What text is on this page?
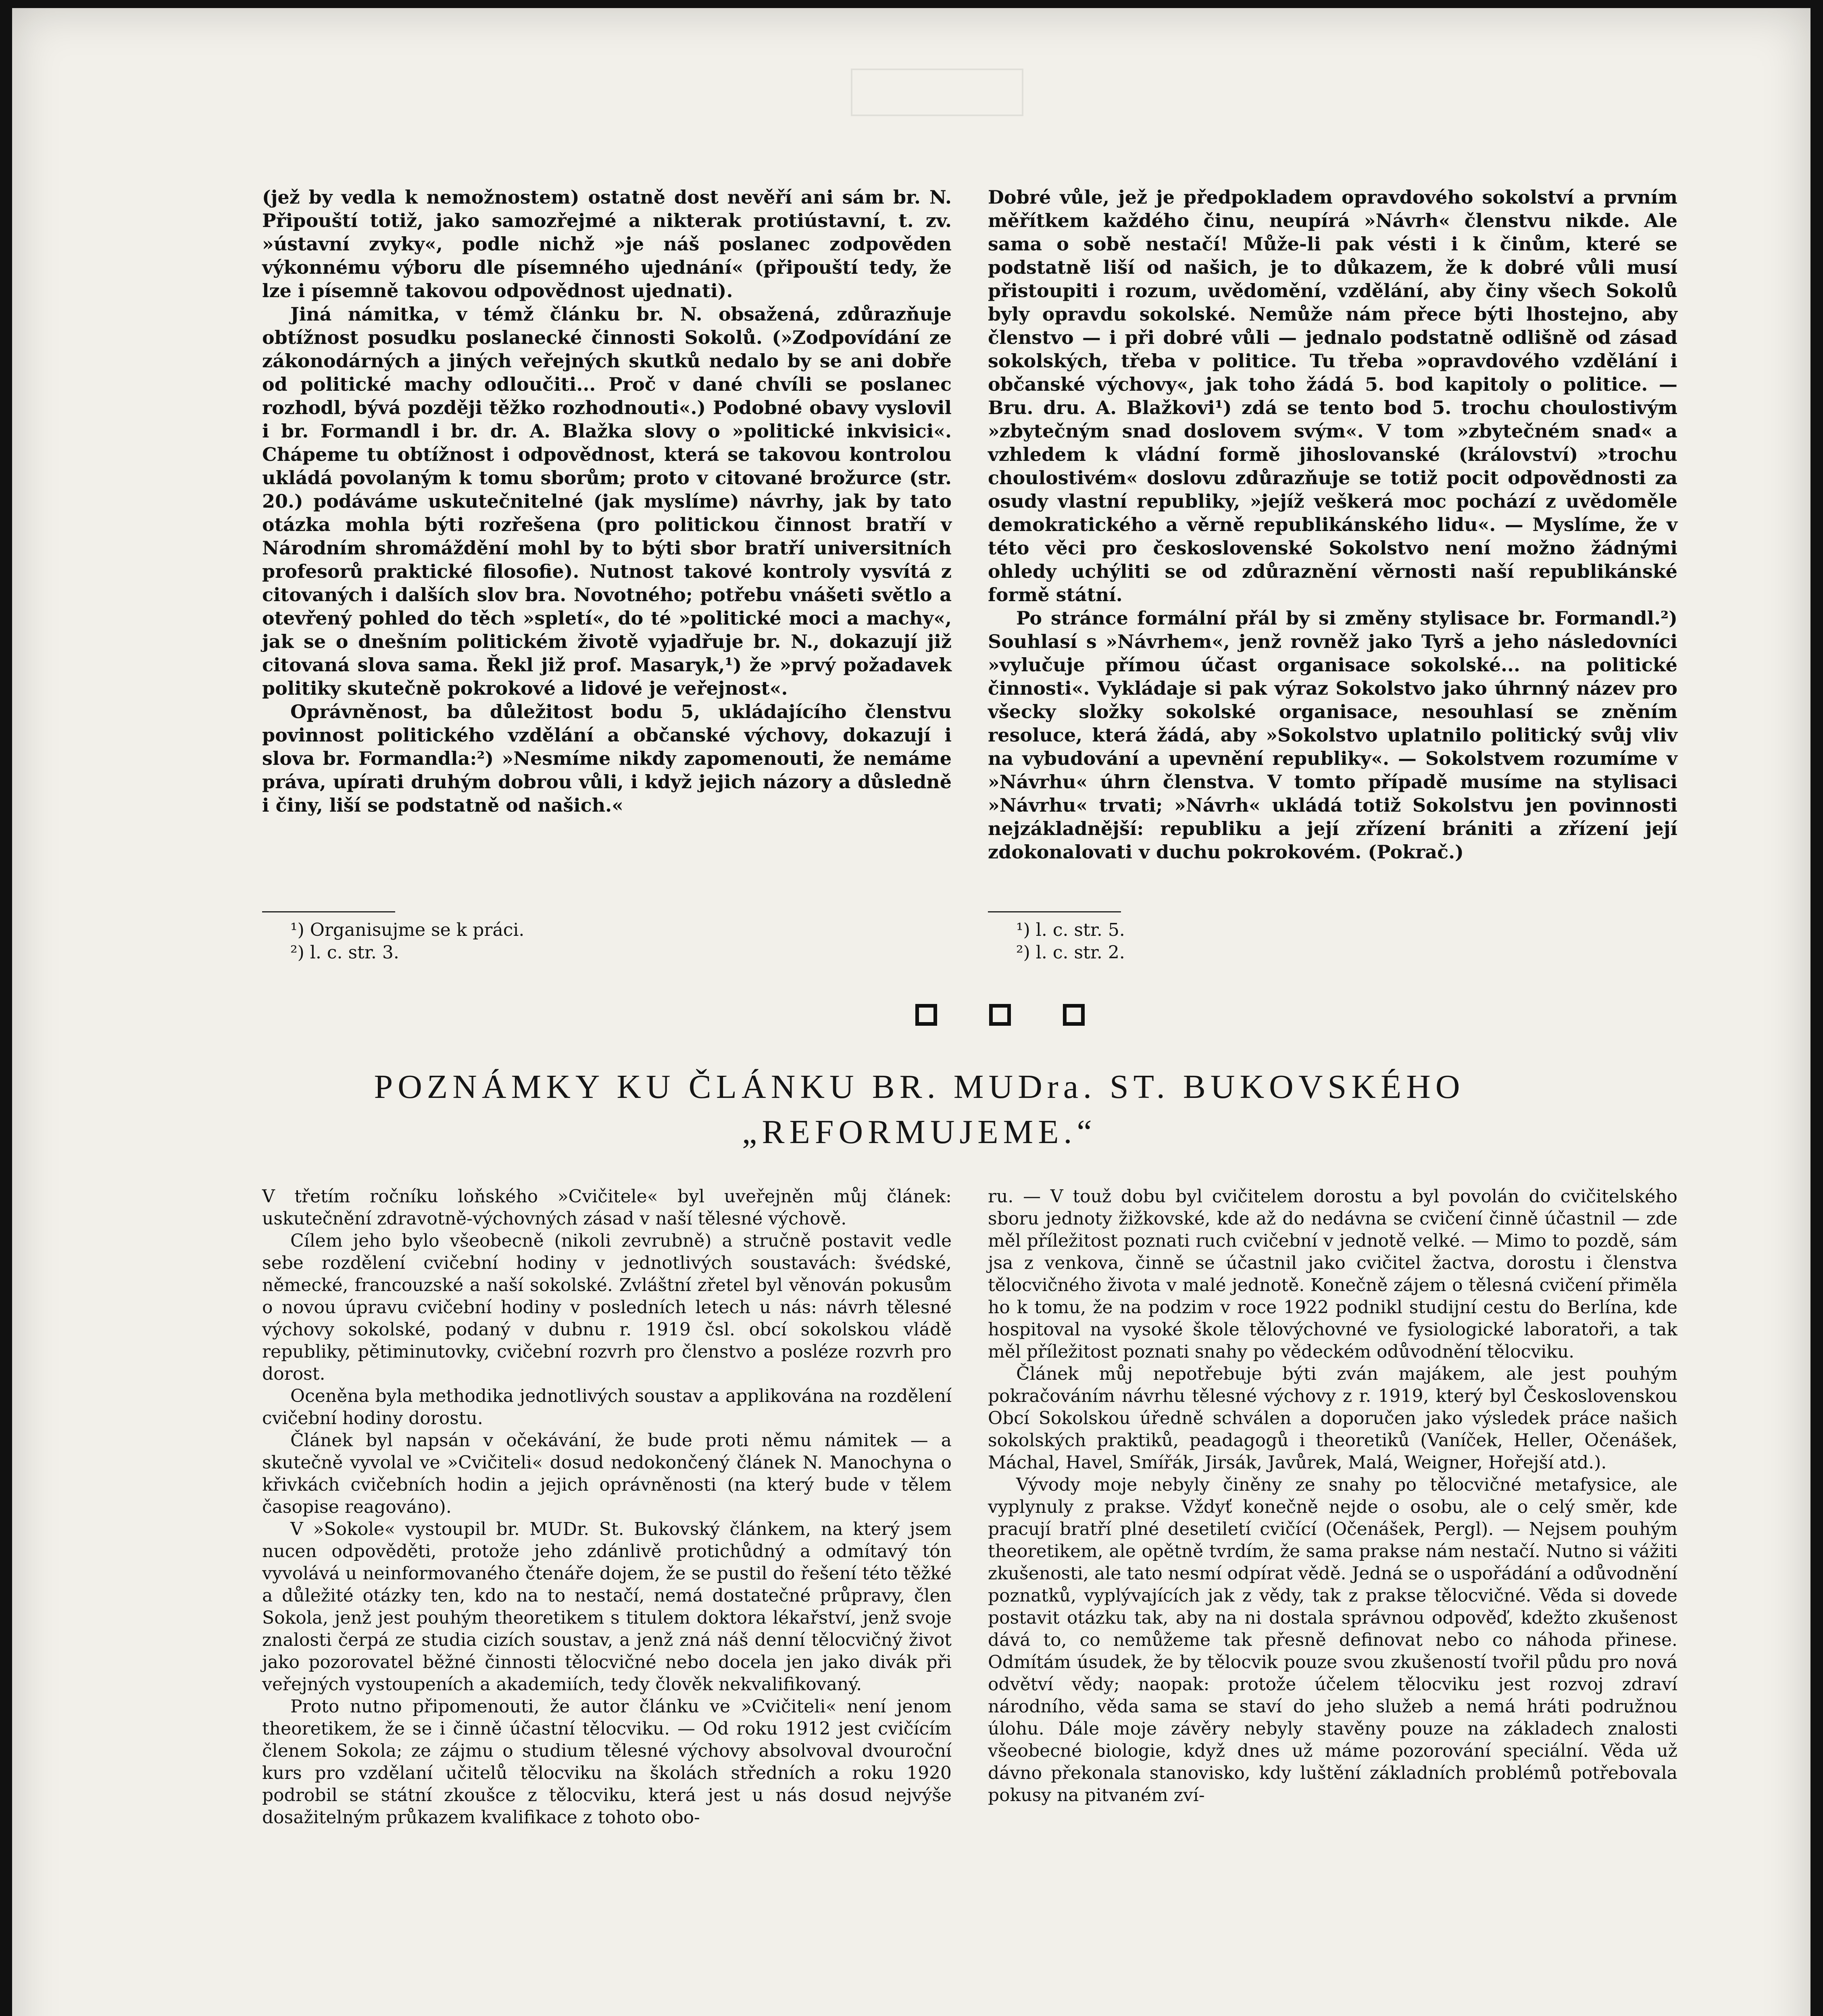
(jež by vedla k nemožnostem) ostatně dost nevěří ani sám br. N. Připouští totiž, jako samozřejmé a nikterak protiústavní, t. zv. »ústavní zvyky«, podle nichž »je náš poslanec zodpověden výkonnému výboru dle písemného ujednání« (připouští tedy, že lze i písemně takovou odpovědnost ujednati).

Jiná námitka, v témž článku br. N. obsažená, zdůrazňuje obtížnost posudku poslanecké činnosti Sokolů. (»Zodpovídání ze zákonodárných a jiných veřejných skutků nedalo by se ani dobře od politické machy odloučiti... Proč v dané chvíli se poslanec rozhodl, bývá později těžko rozhodnouti«.) Podobné obavy vyslovil i br. Formandl i br. dr. A. Blažka slovy o »politické inkvisici«. Chápeme tu obtížnost i odpovědnost, která se takovou kontrolou ukládá povolaným k tomu sborům; proto v citované brožurce (str. 20.) podáváme uskutečnitelné (jak myslíme) návrhy, jak by tato otázka mohla býti rozřešena (pro politickou činnost bratří v Národním shromáždění mohl by to býti sbor bratří universitních profesorů praktické filosofie). Nutnost takové kontroly vysvítá z citovaných i dalších slov bra. Novotného; potřebu vnášeti světlo a otevřený pohled do těch »spletí«, do té »politické moci a machy«, jak se o dnešním politickém životě vyjadřuje br. N., dokazují již citovaná slova sama. Řekl již prof. Masaryk,¹) že »prvý požadavek politiky skutečně pokrokové a lidové je veřejnost«.

Oprávněnost, ba důležitost bodu 5, ukládajícího členstvu povinnost politického vzdělání a občanské výchovy, dokazují i slova br. Formandla:²) »Nesmíme nikdy zapomenouti, že nemáme práva, upírati druhým dobrou vůli, i když jejich názory a důsledně i činy, liší se podstatně od našich.«

¹) Organisujme se k práci.

²) l. c. str. 3.

Dobré vůle, jež je předpokladem opravdového sokolství a prvním měřítkem každého činu, neupírá »Návrh« členstvu nikde. Ale sama o sobě nestačí! Může-li pak vésti i k činům, které se podstatně liší od našich, je to důkazem, že k dobré vůli musí přistoupiti i rozum, uvědomění, vzdělání, aby činy všech Sokolů byly opravdu sokolské. Nemůže nám přece býti lhostejno, aby členstvo — i při dobré vůli — jednalo podstatně odlišně od zásad sokolských, třeba v politice. Tu třeba »opravdového vzdělání i občanské výchovy«, jak toho žádá 5. bod kapitoly o politice. — Bru. dru. A. Blažkovi¹) zdá se tento bod 5. trochu choulostivým »zbytečným snad doslovem svým«. V tom »zbytečném snad« a vzhledem k vládní formě jihoslovanské (království) »trochu choulostivém« doslovu zdůrazňuje se totiž pocit odpovědnosti za osudy vlastní republiky, »jejíž veškerá moc pochází z uvědoměle demokratického a věrně republikánského lidu«. — Myslíme, že v této věci pro československé Sokolstvo není možno žádnými ohledy uchýliti se od zdůraznění věrnosti naší republikánské formě státní.

Po stránce formální přál by si změny stylisace br. Formandl.²) Souhlasí s »Návrhem«, jenž rovněž jako Tyrš a jeho následovníci »vylučuje přímou účast organisace sokolské... na politické činnosti«. Vykládaje si pak výraz Sokolstvo jako úhrnný název pro všecky složky sokolské organisace, nesouhlasí se zněním resoluce, která žádá, aby »Sokolstvo uplatnilo politický svůj vliv na vybudování a upevnění republiky«. — Sokolstvem rozumíme v »Návrhu« úhrn členstva. V tomto případě musíme na stylisaci »Návrhu« trvati; »Návrh« ukládá totiž Sokolstvu jen povinnosti nejzákladnější: republiku a její zřízení brániti a zřízení její zdokonalovati v duchu pokrokovém. (Pokrač.)

¹) l. c. str. 5.

²) l. c. str. 2.

POZNÁMKY KU ČLÁNKU BR. MUDra. ST. BUKOVSKÉHO
„REFORMUJEME.“

V třetím ročníku loňského »Cvičitele« byl uveřejněn můj článek: uskutečnění zdravotně-výchovných zásad v naší tělesné výchově.

Cílem jeho bylo všeobecně (nikoli zevrubně) a stručně postavit vedle sebe rozdělení cvičební hodiny v jednotlivých soustavách: švédské, německé, francouzské a naší sokolské. Zvláštní zřetel byl věnován pokusům o novou úpravu cvičební hodiny v posledních letech u nás: návrh tělesné výchovy sokolské, podaný v dubnu r. 1919 čsl. obcí sokolskou vládě republiky, pětiminutovky, cvičební rozvrh pro členstvo a posléze rozvrh pro dorost.

Oceněna byla methodika jednotlivých soustav a applikována na rozdělení cvičební hodiny dorostu.

Článek byl napsán v očekávání, že bude proti němu námitek — a skutečně vyvolal ve »Cvičiteli« dosud nedokončený článek N. Manochyna o křivkách cvičebních hodin a jejich oprávněnosti (na který bude v tělem časopise reagováno).

V »Sokole« vystoupil br. MUDr. St. Bukovský článkem, na který jsem nucen odpověděti, protože jeho zdánlivě protichůdný a odmítavý tón vyvolává u neinformovaného čtenáře dojem, že se pustil do řešení této těžké a důležité otázky ten, kdo na to nestačí, nemá dostatečné průpravy, člen Sokola, jenž jest pouhým theoretikem s titulem doktora lékařství, jenž svoje znalosti čerpá ze studia cizích soustav, a jenž zná náš denní tělocvičný život jako pozorovatel běžné činnosti tělocvičné nebo docela jen jako divák při veřejných vystoupeních a akademiích, tedy člověk nekvalifikovaný.

Proto nutno připomenouti, že autor článku ve »Cvičiteli« není jenom theoretikem, že se i činně účastní tělocviku. — Od roku 1912 jest cvičícím členem Sokola; ze zájmu o studium tělesné výchovy absolvoval dvouroční kurs pro vzdělaní učitelů tělocviku na školách středních a roku 1920 podrobil se státní zkoušce z tělocviku, která jest u nás dosud nejvýše dosažitelným průkazem kvalifikace z tohoto obo-

ru. — V touž dobu byl cvičitelem dorostu a byl povolán do cvičitelského sboru jednoty žižkovské, kde až do nedávna se cvičení činně účastnil — zde měl příležitost poznati ruch cvičební v jednotě velké. — Mimo to pozdě, sám jsa z venkova, činně se účastnil jako cvičitel žactva, dorostu i členstva tělocvičného života v malé jednotě. Konečně zájem o tělesná cvičení přiměla ho k tomu, že na podzim v roce 1922 podnikl studijní cestu do Berlína, kde hospitoval na vysoké škole tělovýchovné ve fysiologické laboratoři, a tak měl příležitost poznati snahy po vědeckém odůvodnění tělocviku.

Článek můj nepotřebuje býti zván majákem, ale jest pouhým pokračováním návrhu tělesné výchovy z r. 1919, který byl Československou Obcí Sokolskou úředně schválen a doporučen jako výsledek práce našich sokolských praktiků, peadagogů i theoretiků (Vaníček, Heller, Očenášek, Máchal, Havel, Smířák, Jirsák, Javůrek, Malá, Weigner, Hořejší atd.).

Vývody moje nebyly činěny ze snahy po tělocvičné metafysice, ale vyplynuly z prakse. Vždyť konečně nejde o osobu, ale o celý směr, kde pracují bratří plné desetiletí cvičící (Očenášek, Pergl). — Nejsem pouhým theoretikem, ale opětně tvrdím, že sama prakse nám nestačí. Nutno si vážiti zkušenosti, ale tato nesmí odpírat vědě. Jedná se o uspořádání a odůvodnění poznatků, vyplývajících jak z vědy, tak z prakse tělocvičné. Věda si dovede postavit otázku tak, aby na ni dostala správnou odpověď, kdežto zkušenost dává to, co nemůžeme tak přesně definovat nebo co náhoda přinese. Odmítám úsudek, že by tělocvik pouze svou zkušeností tvořil půdu pro nová odvětví vědy; naopak: protože účelem tělocviku jest rozvoj zdraví národního, věda sama se staví do jeho služeb a nemá hráti podružnou úlohu. Dále moje závěry nebyly stavěny pouze na základech znalosti všeobecné biologie, když dnes už máme pozorování speciální. Věda už dávno překonala stanovisko, kdy luštění základních problémů potřebovala pokusy na pitvaném zví-
